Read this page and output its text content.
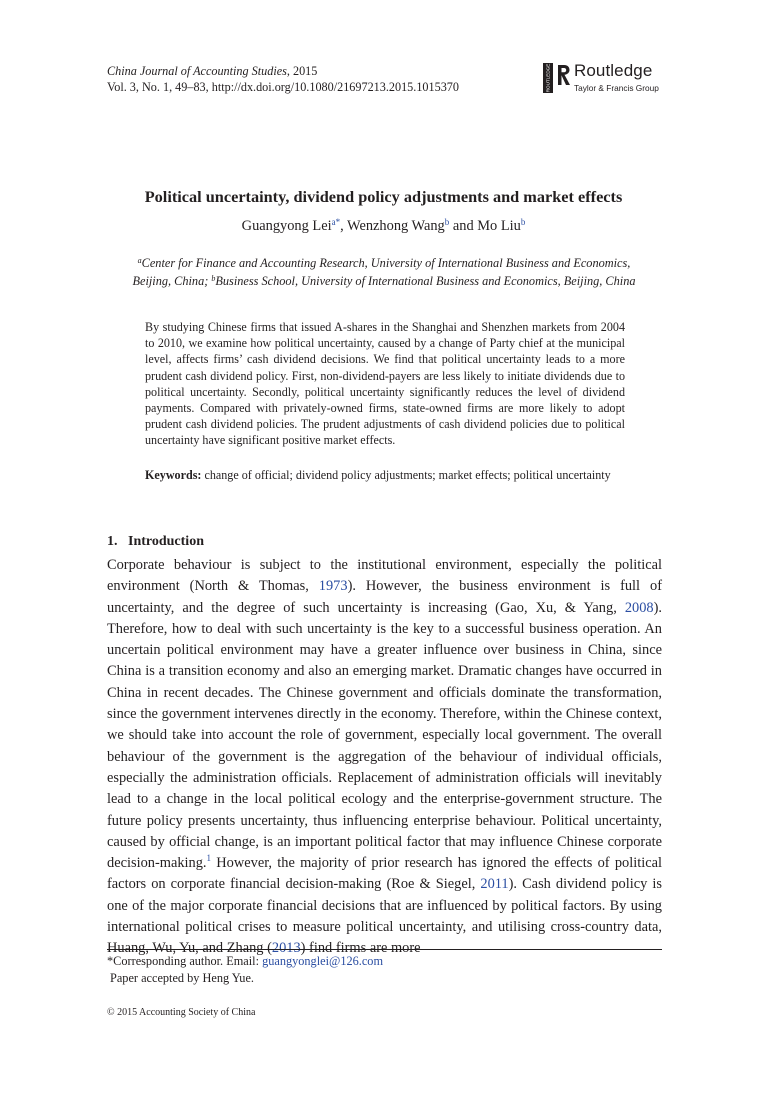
China Journal of Accounting Studies, 2015
Vol. 3, No. 1, 49–83, http://dx.doi.org/10.1080/21697213.2015.1015370	ROUTLEDGE Routledge
Taylor & Francis Group
Political uncertainty, dividend policy adjustments and market effects
Guangyong Lei$^{a*}$, Wenzhong Wang$^b$ and Mo Liu$^b$
$^a$Center for Finance and Accounting Research, University of International Business and Economics, Beijing, China; $^b$Business School, University of International Business and Economics, Beijing, China
By studying Chinese firms that issued A-shares in the Shanghai and Shenzhen markets from 2004 to 2010, we examine how political uncertainty, caused by a change of Party chief at the municipal level, affects firms’ cash dividend decisions. We find that political uncertainty leads to a more prudent cash dividend policy. First, non-dividend-payers are less likely to initiate dividends due to political uncertainty. Secondly, political uncertainty significantly reduces the level of dividend payments. Compared with privately-owned firms, state-owned firms are more likely to adopt prudent cash dividend policies. The prudent adjustments of cash dividend policies due to political uncertainty have significant positive market effects.
Keywords: change of official; dividend policy adjustments; market effects; political uncertainty
1. Introduction
Corporate behaviour is subject to the institutional environment, especially the political environment (North & Thomas, 1973). However, the business environment is full of uncertainty, and the degree of such uncertainty is increasing (Gao, Xu, & Yang, 2008). Therefore, how to deal with such uncertainty is the key to a successful business operation. An uncertain political environment may have a greater influence over business in China, since China is a transition economy and also an emerging market. Dramatic changes have occurred in China in recent decades. The Chinese government and officials dominate the transformation, since the government intervenes directly in the economy. Therefore, within the Chinese context, we should take into account the role of government, especially local government. The overall behaviour of the government is the aggregation of the behaviour of individual officials, especially the administration officials. Replacement of administration officials will inevitably lead to a change in the local political ecology and the enterprise-government structure. The future policy presents uncertainty, thus influencing enterprise behaviour. Political uncertainty, caused by official change, is an important political factor that may influence Chinese corporate decision-making.$^1$ However, the majority of prior research has ignored the effects of political factors on corporate financial decision-making (Roe & Siegel, 2011). Cash dividend policy is one of the major corporate financial decisions that are influenced by political factors. By using international political crises to measure political uncertainty, and utilising cross-country data, Huang, Wu, Yu, and Zhang (2013) find firms are more
*Corresponding author. Email: guangyonglei@126.com
Paper accepted by Heng Yue.
© 2015 Accounting Society of China
